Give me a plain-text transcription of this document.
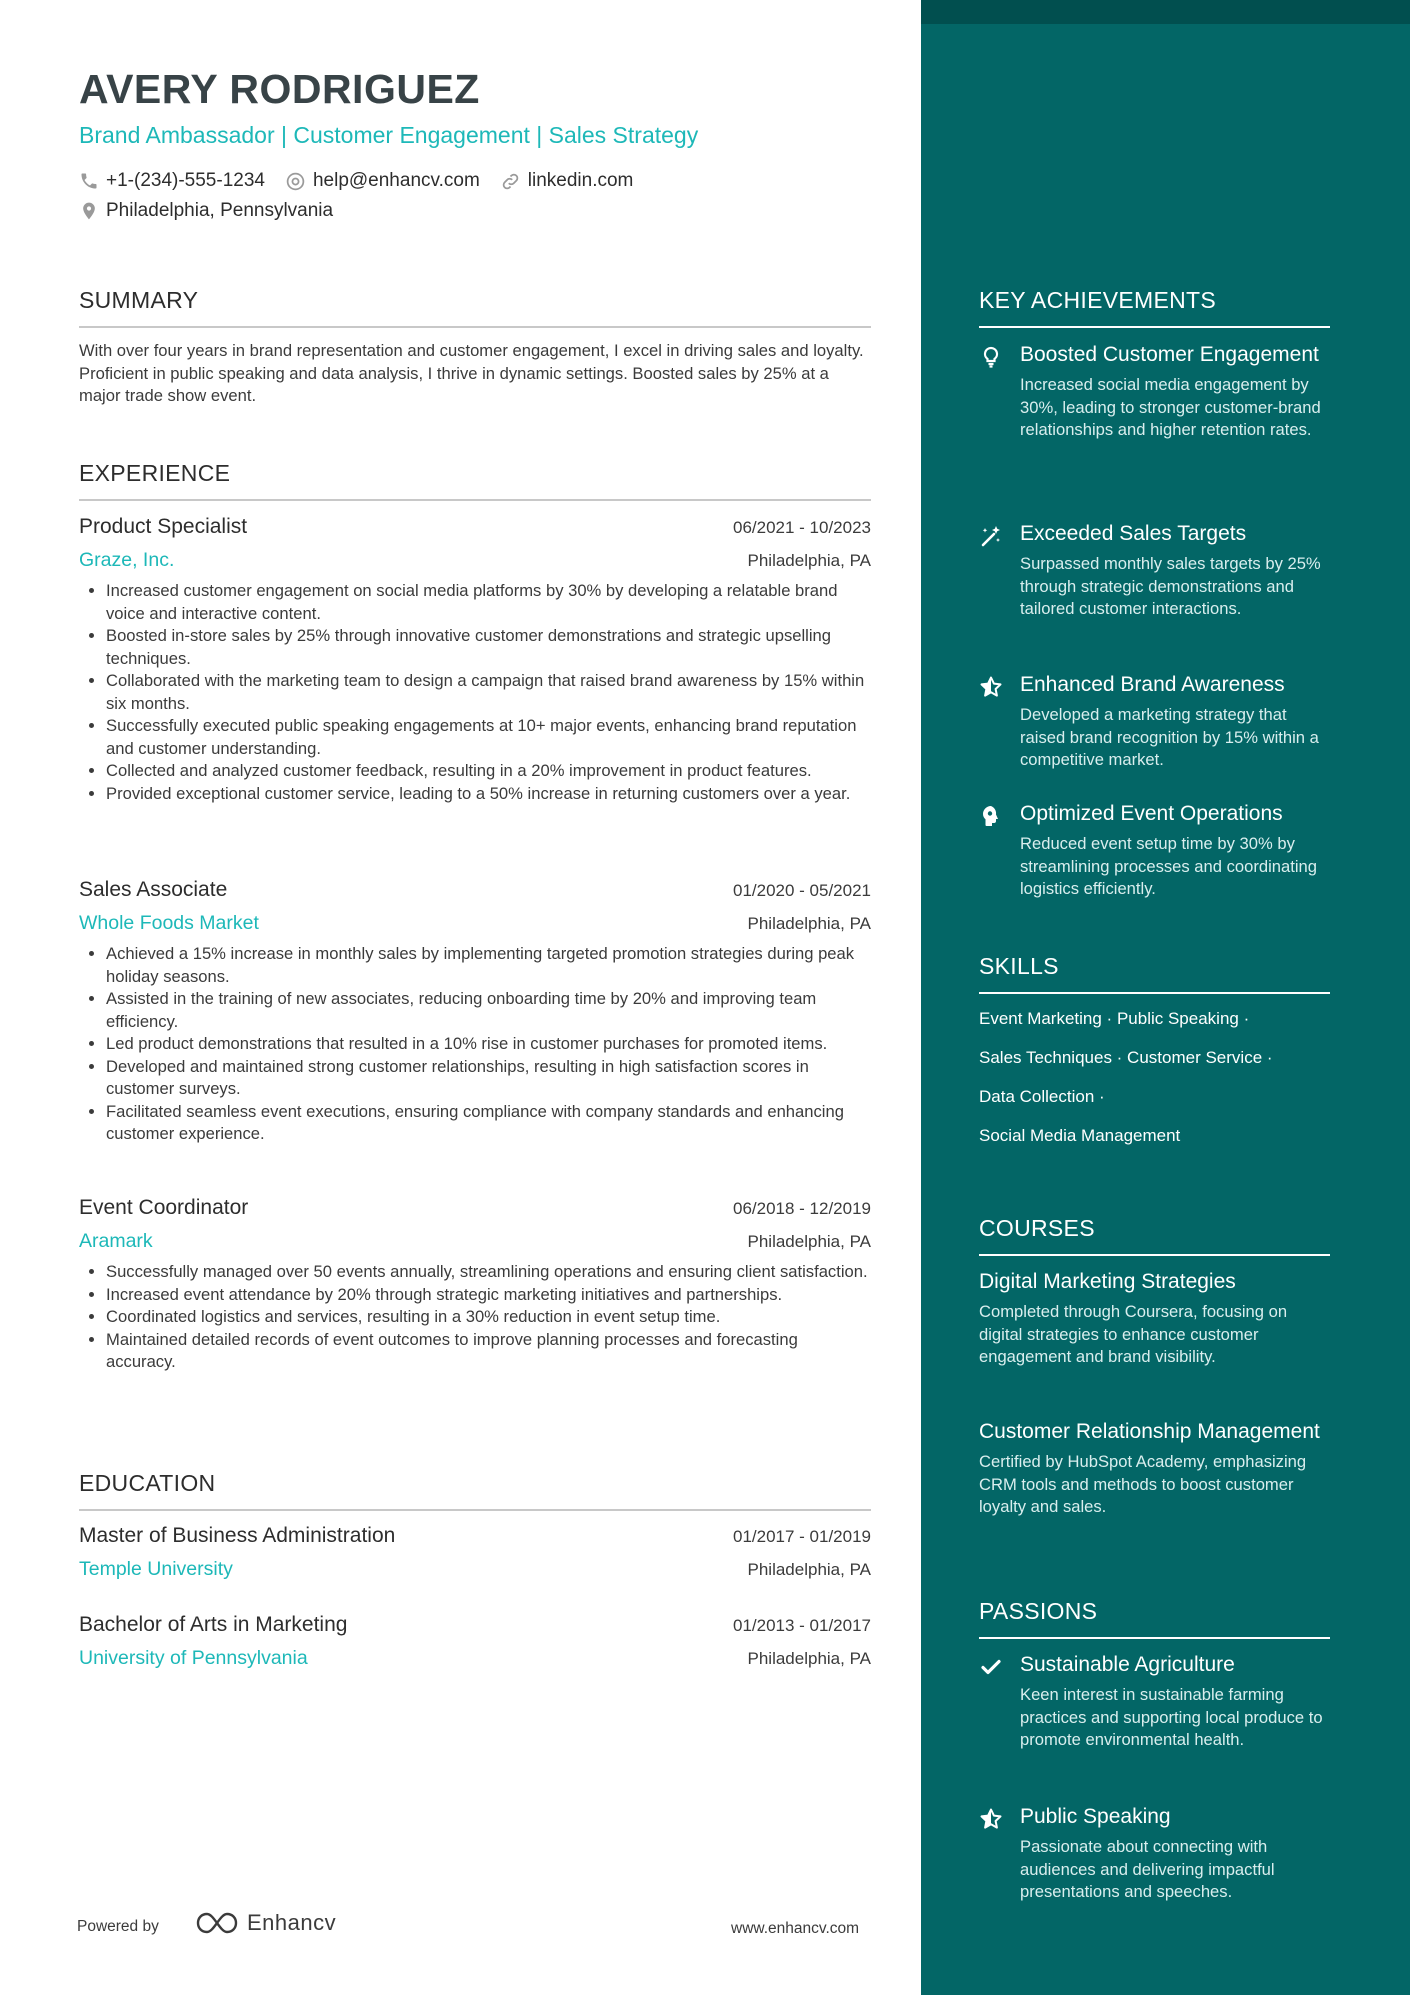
AVERY RODRIGUEZ
Brand Ambassador | Customer Engagement | Sales Strategy
+1-(234)-555-1234	help@enhancv.com	linkedin.com
Philadelphia, Pennsylvania
SUMMARY
With over four years in brand representation and customer engagement, I excel in driving sales and loyalty. Proficient in public speaking and data analysis, I thrive in dynamic settings. Boosted sales by 25% at a major trade show event.
EXPERIENCE
Product Specialist	06/2021 - 10/2023
Graze, Inc.	Philadelphia, PA
• Increased customer engagement on social media platforms by 30% by developing a relatable brand voice and interactive content.
• Boosted in-store sales by 25% through innovative customer demonstrations and strategic upselling techniques.
• Collaborated with the marketing team to design a campaign that raised brand awareness by 15% within six months.
• Successfully executed public speaking engagements at 10+ major events, enhancing brand reputation and customer understanding.
• Collected and analyzed customer feedback, resulting in a 20% improvement in product features.
• Provided exceptional customer service, leading to a 50% increase in returning customers over a year.
Sales Associate	01/2020 - 05/2021
Whole Foods Market	Philadelphia, PA
• Achieved a 15% increase in monthly sales by implementing targeted promotion strategies during peak holiday seasons.
• Assisted in the training of new associates, reducing onboarding time by 20% and improving team efficiency.
• Led product demonstrations that resulted in a 10% rise in customer purchases for promoted items.
• Developed and maintained strong customer relationships, resulting in high satisfaction scores in customer surveys.
• Facilitated seamless event executions, ensuring compliance with company standards and enhancing customer experience.
Event Coordinator	06/2018 - 12/2019
Aramark	Philadelphia, PA
• Successfully managed over 50 events annually, streamlining operations and ensuring client satisfaction.
• Increased event attendance by 20% through strategic marketing initiatives and partnerships.
• Coordinated logistics and services, resulting in a 30% reduction in event setup time.
• Maintained detailed records of event outcomes to improve planning processes and forecasting accuracy.
EDUCATION
Master of Business Administration	01/2017 - 01/2019
Temple University	Philadelphia, PA
Bachelor of Arts in Marketing	01/2013 - 01/2017
University of Pennsylvania	Philadelphia, PA
KEY ACHIEVEMENTS
Boosted Customer Engagement
Increased social media engagement by 30%, leading to stronger customer-brand relationships and higher retention rates.
Exceeded Sales Targets
Surpassed monthly sales targets by 25% through strategic demonstrations and tailored customer interactions.
Enhanced Brand Awareness
Developed a marketing strategy that raised brand recognition by 15% within a competitive market.
Optimized Event Operations
Reduced event setup time by 30% by streamlining processes and coordinating logistics efficiently.
SKILLS
Event Marketing · Public Speaking ·
Sales Techniques · Customer Service ·
Data Collection ·
Social Media Management
COURSES
Digital Marketing Strategies
Completed through Coursera, focusing on digital strategies to enhance customer engagement and brand visibility.
Customer Relationship Management
Certified by HubSpot Academy, emphasizing CRM tools and methods to boost customer loyalty and sales.
PASSIONS
Sustainable Agriculture
Keen interest in sustainable farming practices and supporting local produce to promote environmental health.
Public Speaking
Passionate about connecting with audiences and delivering impactful presentations and speeches.
Powered by	Enhancv	www.enhancv.com
